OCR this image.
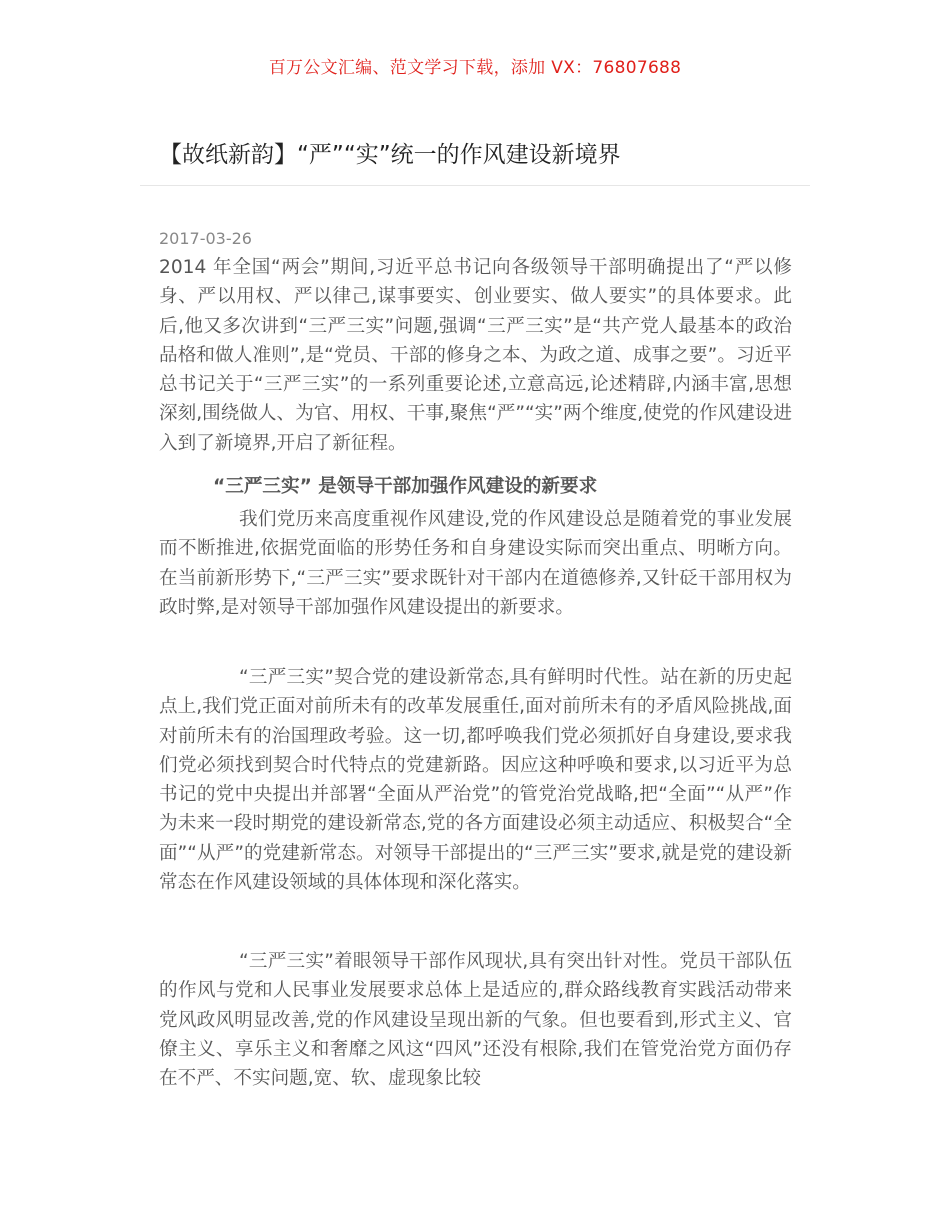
百万公文汇编、范文学习下载，添加 VX：76807688
【故纸新韵】“严”“实”统一的作风建设新境界
2017-03-26
2014 年全国“两会”期间,习近平总书记向各级领导干部明确提出了“严以修身、严以用权、严以律己,谋事要实、创业要实、做人要实”的具体要求。此后,他又多次讲到“三严三实”问题,强调“三严三实”是“共产党人最基本的政治品格和做人准则”,是“党员、干部的修身之本、为政之道、成事之要”。习近平总书记关于“三严三实”的一系列重要论述,立意高远,论述精辟,内涵丰富,思想深刻,围绕做人、为官、用权、干事,聚焦“严”“实”两个维度,使党的作风建设进入到了新境界,开启了新征程。
“三严三实” 是领导干部加强作风建设的新要求
我们党历来高度重视作风建设,党的作风建设总是随着党的事业发展而不断推进,依据党面临的形势任务和自身建设实际而突出重点、明晰方向。在当前新形势下,“三严三实”要求既针对干部内在道德修养,又针砭干部用权为政时弊,是对领导干部加强作风建设提出的新要求。
“三严三实”契合党的建设新常态,具有鲜明时代性。站在新的历史起点上,我们党正面对前所未有的改革发展重任,面对前所未有的矛盾风险挑战,面对前所未有的治国理政考验。这一切,都呼唤我们党必须抓好自身建设,要求我们党必须找到契合时代特点的党建新路。因应这种呼唤和要求,以习近平为总书记的党中央提出并部署“全面从严治党”的管党治党战略,把“全面”“从严”作为未来一段时期党的建设新常态,党的各方面建设必须主动适应、积极契合“全面”“从严”的党建新常态。对领导干部提出的“三严三实”要求,就是党的建设新常态在作风建设领域的具体体现和深化落实。
“三严三实”着眼领导干部作风现状,具有突出针对性。党员干部队伍的作风与党和人民事业发展要求总体上是适应的,群众路线教育实践活动带来党风政风明显改善,党的作风建设呈现出新的气象。但也要看到,形式主义、官僚主义、享乐主义和奢靡之风这“四风”还没有根除,我们在管党治党方面仍存在不严、不实问题,宽、软、虚现象比较
